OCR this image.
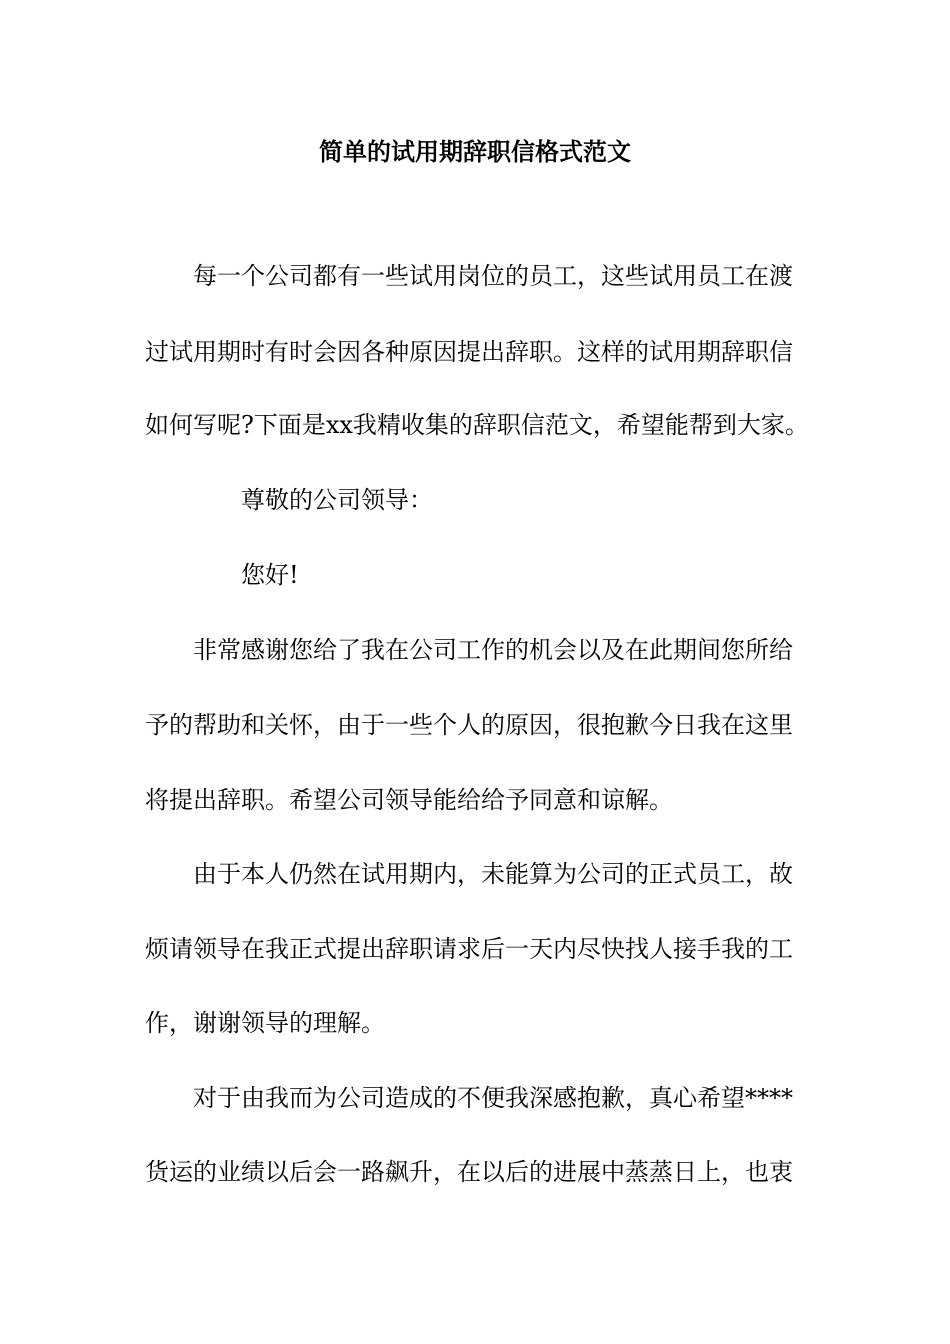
简单的试用期辞职信格式范文
每一个公司都有一些试用岗位的员工，这些试用员工在渡
过试用期时有时会因各种原因提出辞职。这样的试用期辞职信
如何写呢?下面是xx我精收集的辞职信范文，希望能帮到大家。
尊敬的公司领导：
您好!
非常感谢您给了我在公司工作的机会以及在此期间您所给
予的帮助和关怀，由于一些个人的原因，很抱歉今日我在这里
将提出辞职。希望公司领导能给给予同意和谅解。
由于本人仍然在试用期内，未能算为公司的正式员工，故
烦请领导在我正式提出辞职请求后一天内尽快找人接手我的工
作，谢谢领导的理解。
对于由我而为公司造成的不便我深感抱歉，真心希望****
货运的业绩以后会一路飙升，在以后的进展中蒸蒸日上，也衷
